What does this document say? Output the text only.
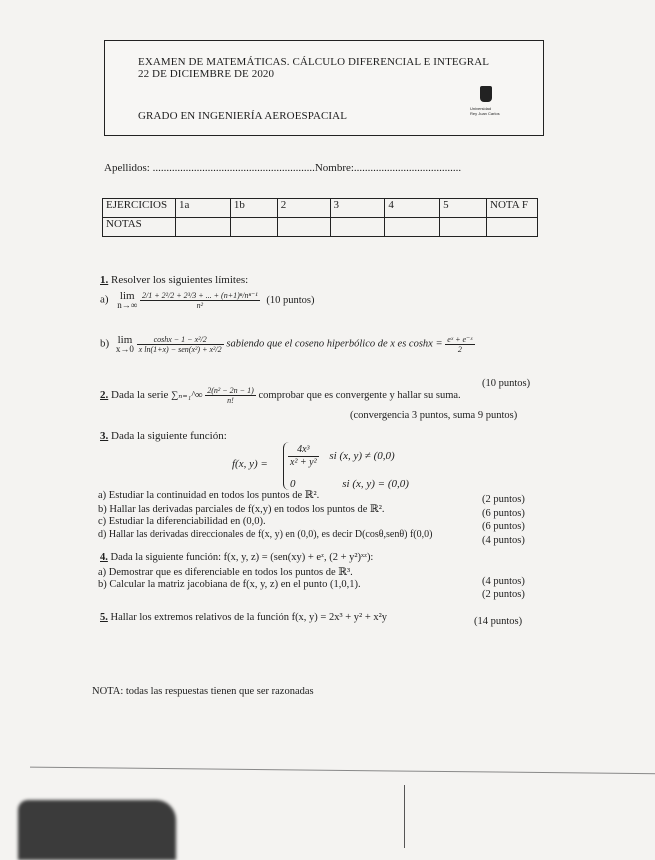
EXAMEN DE MATEMÁTICAS. CÁLCULO DIFERENCIAL E INTEGRAL
22 DE DICIEMBRE DE 2020
GRADO EN INGENIERÍA AEROESPACIAL
Universidad
Rey Juan Carlos
Apellidos: ...........................................................Nombre:.......................................
EJERCICIOS	1a	1b	2	3	4	5	NOTA F
NOTAS							
1. Resolver los siguientes límites:
a) lim
n→∞
$\frac{\text{2/1 + 2²/2 + 2³/3 + ... + (n+1)ⁿ/nⁿ⁻¹}}{\text{n²}} (10$ puntos)
b) lim
x→0
$\frac{\text{coshx − 1 − x²/2}}{\text{x ln(1+x) − sen(x²) + x²/2}}$ sabiendo que el coseno hiperbólico de x es $\cosh x = \frac{\text{eˣ + e⁻ˣ}}{2}$
(10 puntos)
2. Dada la serie ∑ₙ₌₁^∞ $\frac{\text{2(n² − 2n − 1)}}{n!}$ comprobar que es convergente y hallar su suma.
(convergencia 3 puntos, suma 9 puntos)
3. Dada la siguiente función:
f(x, $y) = \frac{\text{4x³}}{\text{x² + y²}}$ si (x, y) ≠ (0,0)
0	si (x, y) = (0,0)
a) Estudiar la continuidad en todos los puntos de ℝ².	(2 puntos)
b) Hallar las derivadas parciales de f(x,y) en todos los puntos de ℝ².	(6 puntos)
c) Estudiar la diferenciabilidad en (0,0).	(6 puntos)
d) Hallar las derivadas direccionales de f(x, y) en (0,0), es decir D(cosθ,senθ) f(0,0)
(4 puntos)
4. Dada la siguiente función: f(x, y, z) = (sen(xy) + eᶻ, (2 + y²)ˣᶻ):
a) Demostrar que es diferenciable en todos los puntos de ℝ³.
(4 puntos)
b) Calcular la matriz jacobiana de f(x, y, z) en el punto (1,0,1).
(2 puntos)
5. Hallar los extremos relativos de la función f(x, y) = 2x³ + y² + x²y	(14 puntos)
NOTA: todas las respuestas tienen que ser razonadas
